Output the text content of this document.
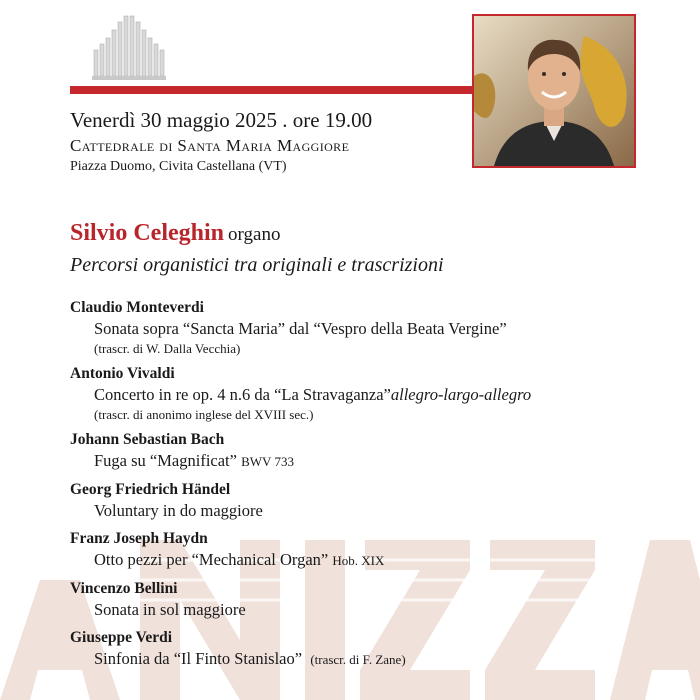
Venerdì 30 maggio 2025 . ore 19.00
Cattedrale di Santa Maria Maggiore
Piazza Duomo, Civita Castellana (VT)
Silvio Celeghin organo
Percorsi organistici tra originali e trascrizioni
Claudio Monteverdi
Sonata sopra “Sancta Maria” dal “Vespro della Beata Vergine”
(trascr. di W. Dalla Vecchia)
Antonio Vivaldi
Concerto in re op. 4 n.6 da “La Stravaganza”allegro-largo-allegro
(trascr. di anonimo inglese del XVIII sec.)
Johann Sebastian Bach
Fuga su “Magnificat” BWV 733
Georg Friedrich Händel
Voluntary in do maggiore
Franz Joseph Haydn
Otto pezzi per “Mechanical Organ” Hob. XIX
Vincenzo Bellini
Sonata in sol maggiore
Giuseppe Verdi
Sinfonia da “Il Finto Stanislao” (trascr. di F. Zane)
